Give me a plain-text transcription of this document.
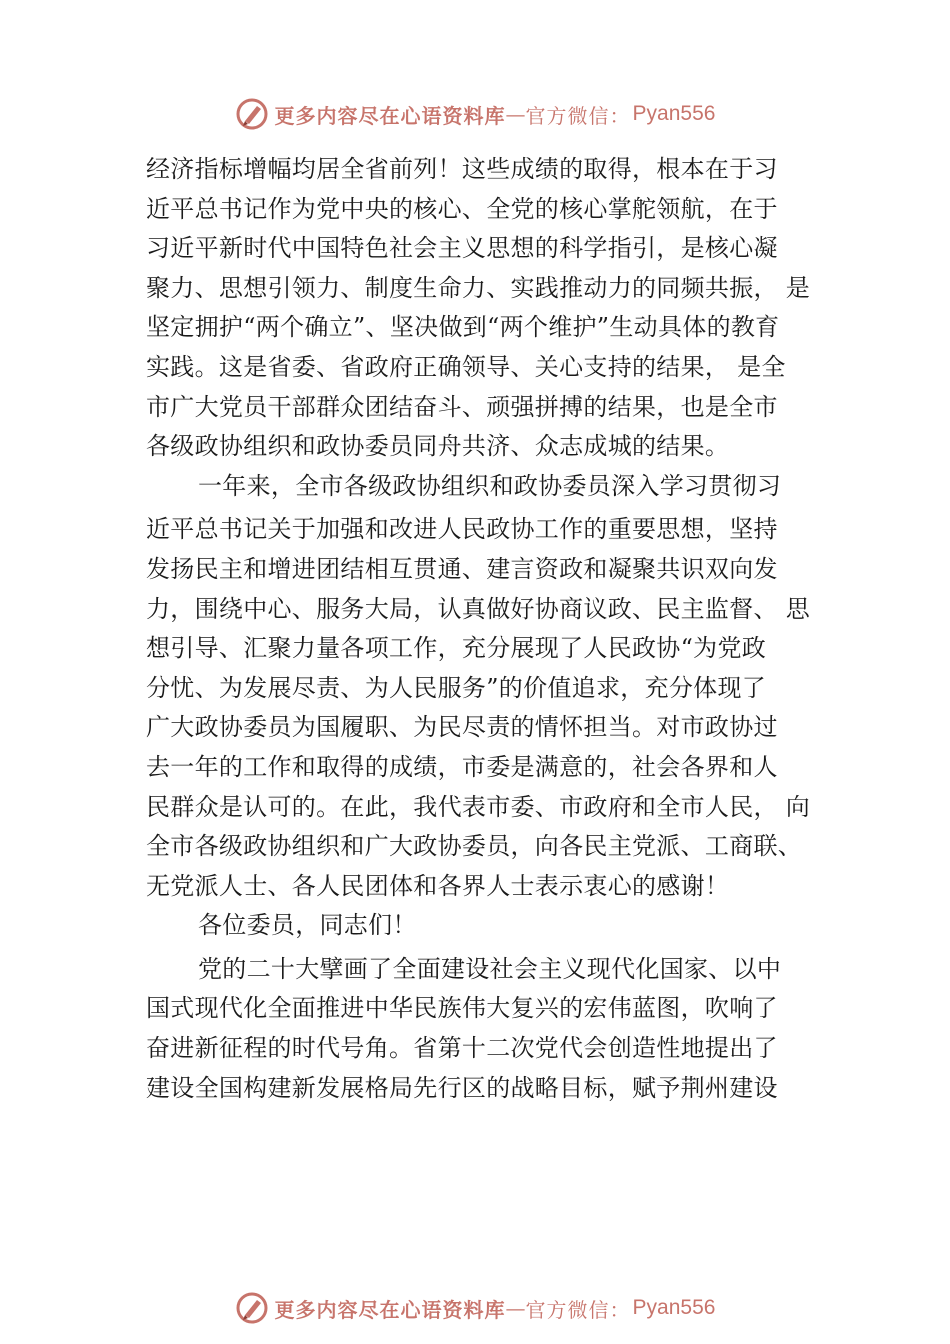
更多内容尽在心语资料库 — 官方微信： Pyan556
经济指标增幅均居全省前列！这些成绩的取得，根本在于习
近平总书记作为党中央的核心、全党的核心掌舵领航，在于
习近平新时代中国特色社会主义思想的科学指引，是核心凝
聚力、思想引领力、制度生命力、实践推动力的同频共振， 是
坚定拥护“两个确立”、坚决做到“两个维护”生动具体的教育
实践。这是省委、省政府正确领导、关心支持的结果， 是全
市广大党员干部群众团结奋斗、顽强拼搏的结果，也是全市
各级政协组织和政协委员同舟共济、众志成城的结果。
一年来，全市各级政协组织和政协委员深入学习贯彻习
近平总书记关于加强和改进人民政协工作的重要思想，坚持
发扬民主和增进团结相互贯通、建言资政和凝聚共识双向发
力，围绕中心、服务大局，认真做好协商议政、民主监督、 思
想引导、汇聚力量各项工作，充分展现了人民政协“为党政
分忧、为发展尽责、为人民服务”的价值追求，充分体现了
广大政协委员为国履职、为民尽责的情怀担当。对市政协过
去一年的工作和取得的成绩，市委是满意的，社会各界和人
民群众是认可的。在此，我代表市委、市政府和全市人民， 向
全市各级政协组织和广大政协委员，向各民主党派、工商联、
无党派人士、各人民团体和各界人士表示衷心的感谢！
各位委员，同志们！
党的二十大擘画了全面建设社会主义现代化国家、以中
国式现代化全面推进中华民族伟大复兴的宏伟蓝图，吹响了
奋进新征程的时代号角。省第十二次党代会创造性地提出了
建设全国构建新发展格局先行区的战略目标，赋予荆州建设
更多内容尽在心语资料库 — 官方微信： Pyan556
